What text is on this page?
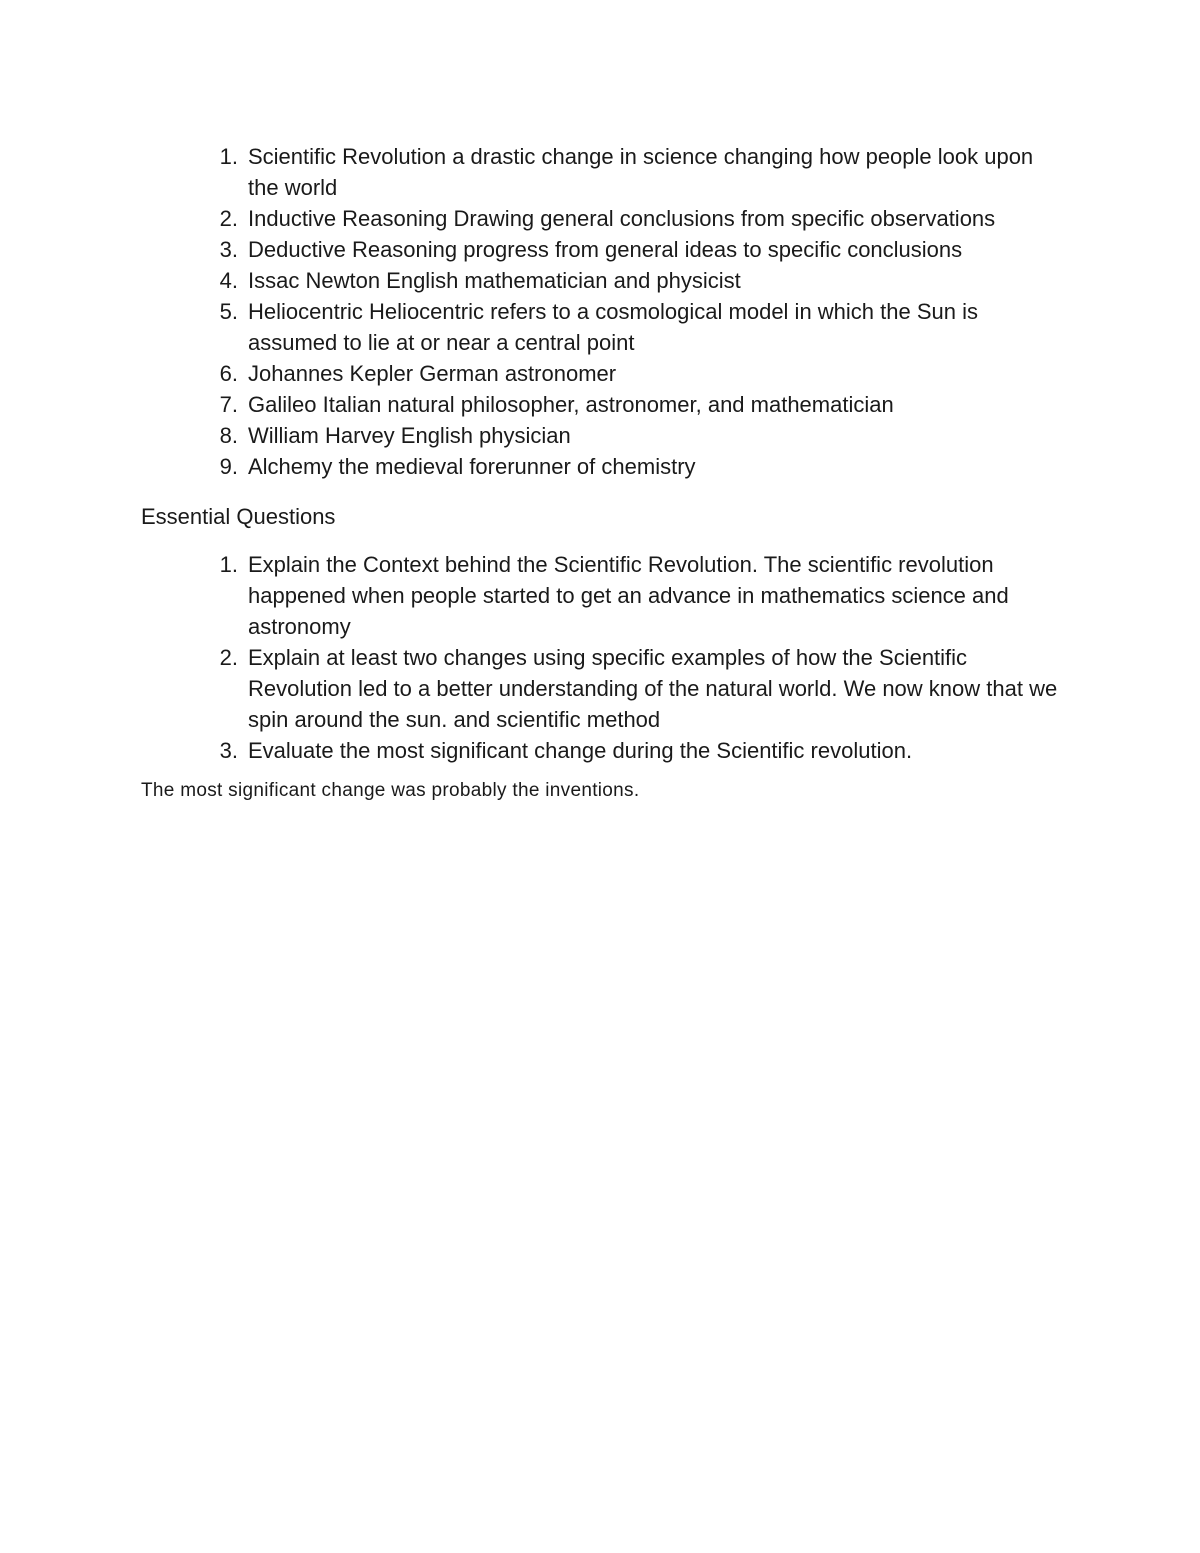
1. Scientific Revolution a drastic change in science changing how people look upon the world
2. Inductive Reasoning Drawing general conclusions from specific observations
3. Deductive Reasoning progress from general ideas to specific conclusions
4. Issac Newton English mathematician and physicist
5. Heliocentric Heliocentric refers to a cosmological model in which the Sun is assumed to lie at or near a central point
6. Johannes Kepler German astronomer
7. Galileo Italian natural philosopher, astronomer, and mathematician
8. William Harvey English physician
9. Alchemy the medieval forerunner of chemistry
Essential Questions
1. Explain the Context behind the Scientific Revolution. The scientific revolution happened when people started to get an advance in mathematics science and astronomy
2. Explain at least two changes using specific examples of how the Scientific Revolution led to a better understanding of the natural world. We now know that we spin around the sun. and scientific method
3. Evaluate the most significant change during the Scientific revolution.
The most significant change was probably the inventions.
